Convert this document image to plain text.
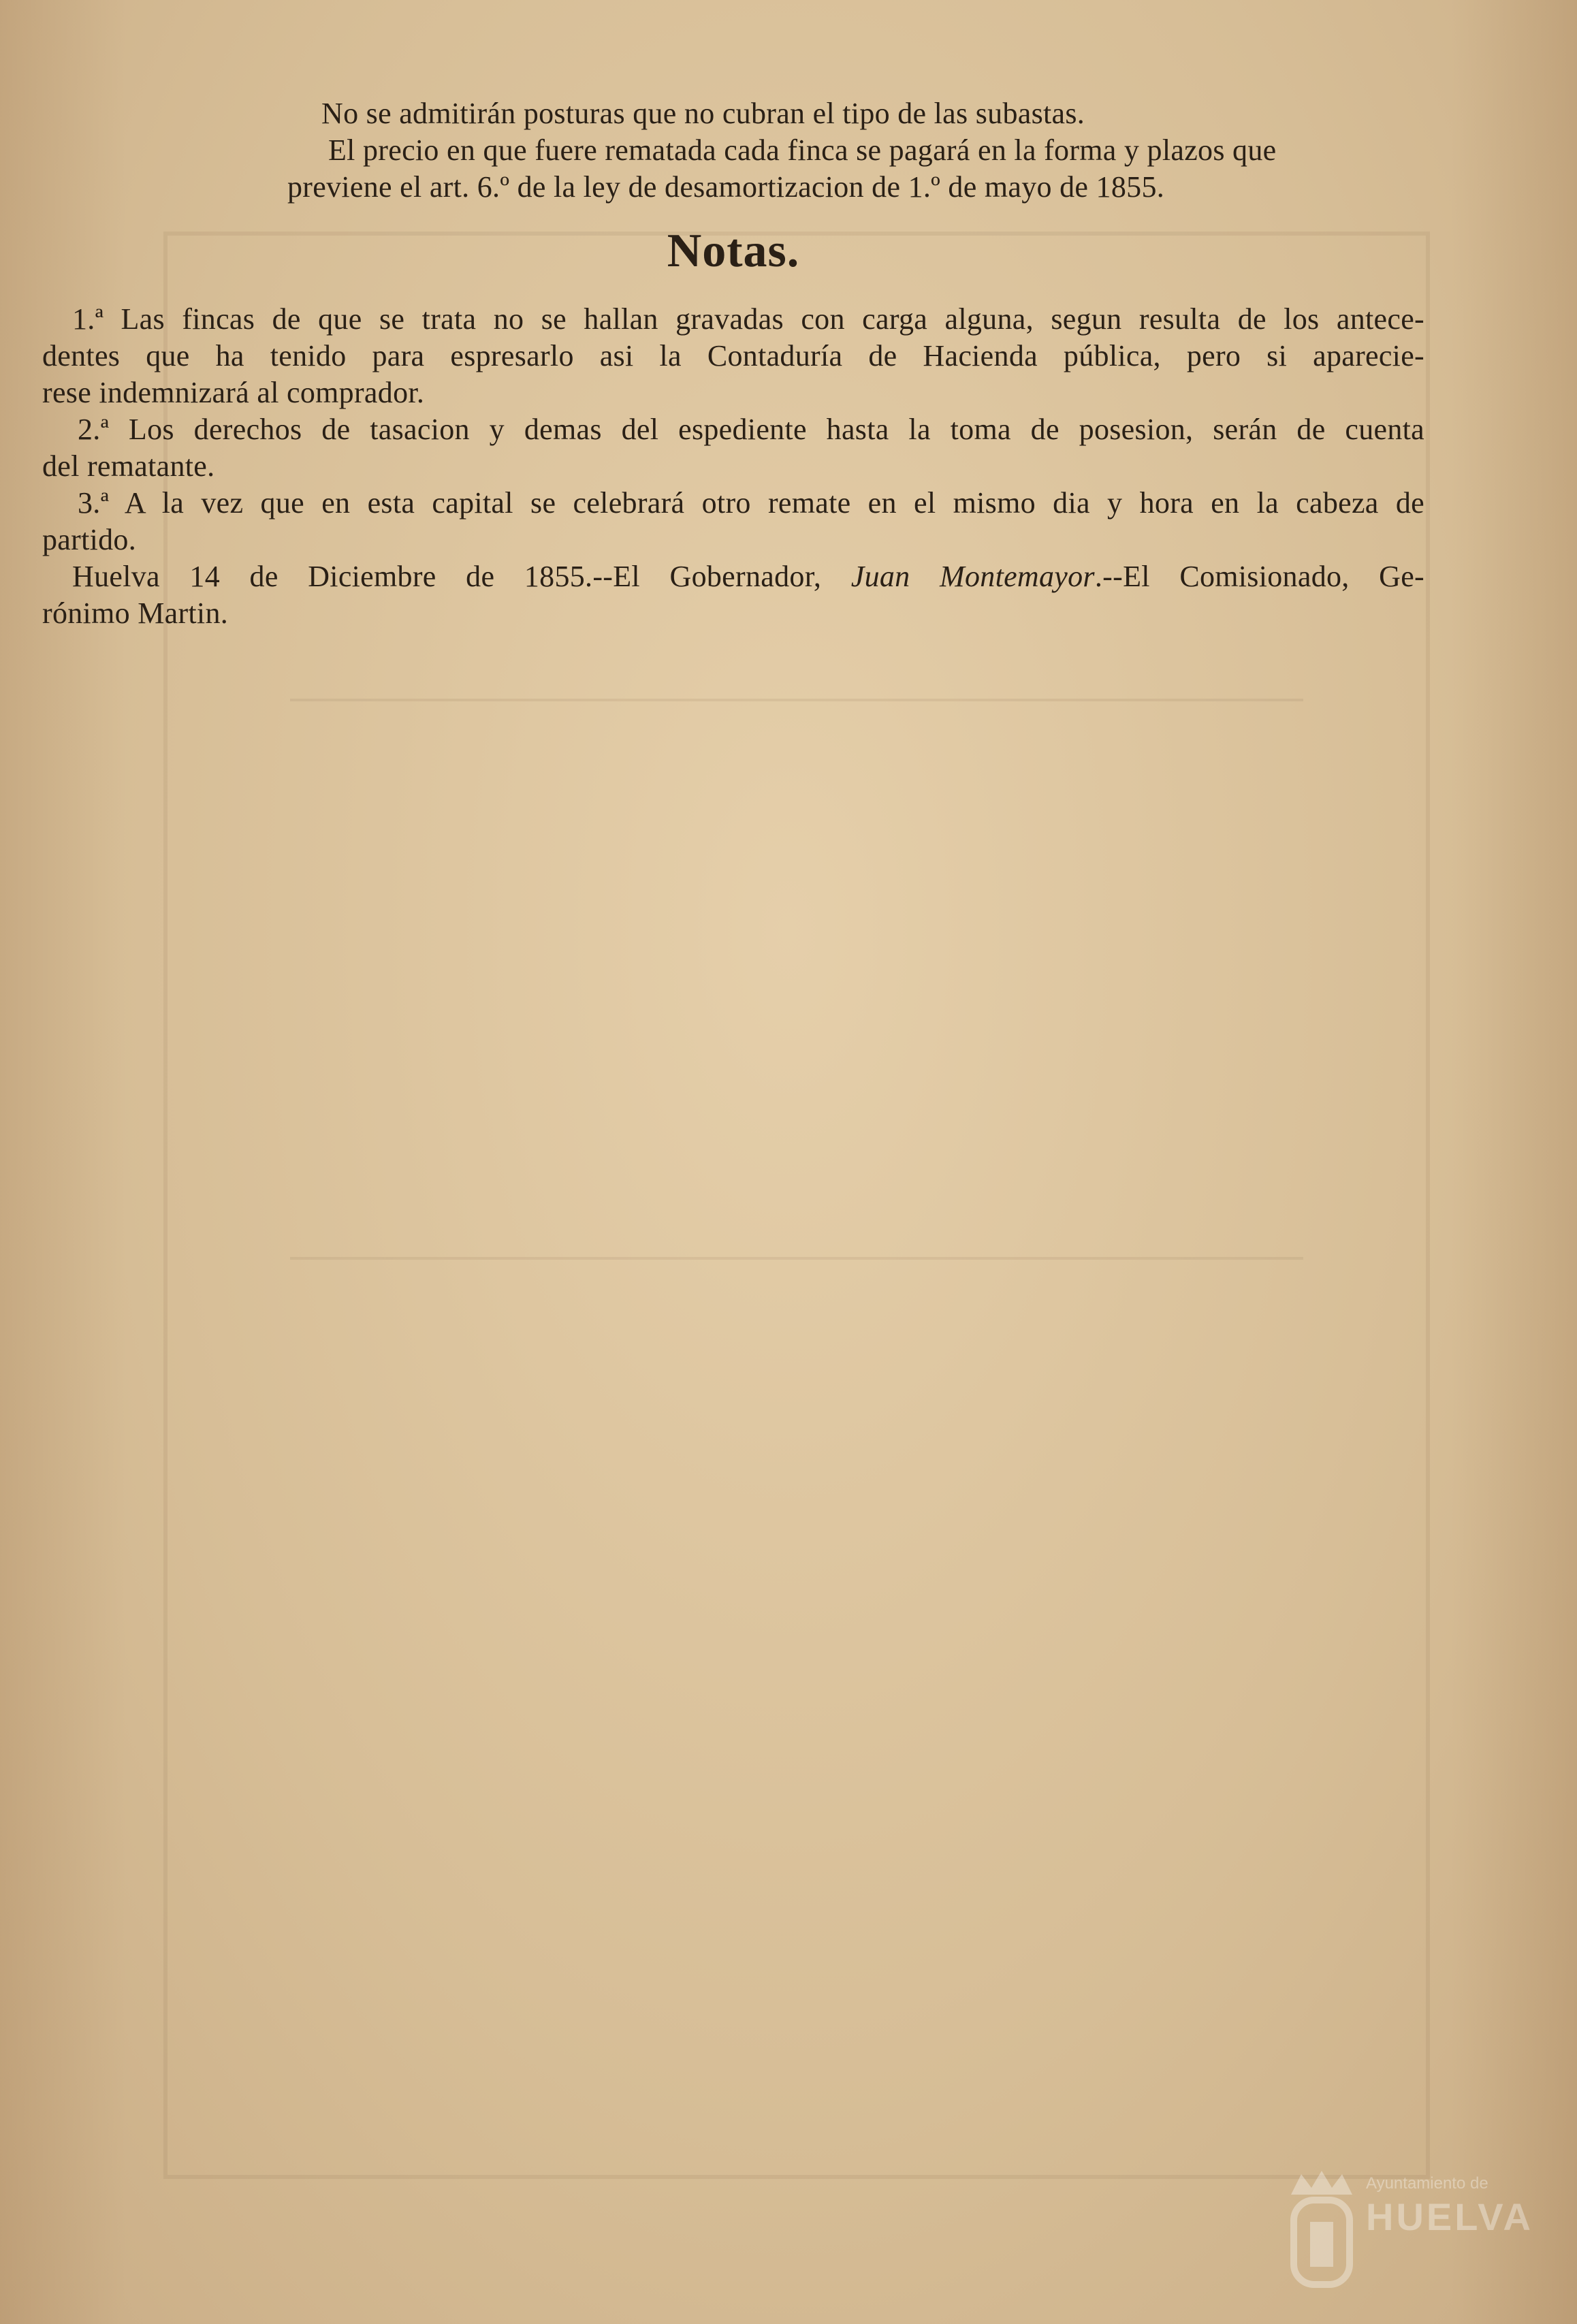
No se admitirán posturas que no cubran el tipo de las subastas.
El precio en que fuere rematada cada finca se pagará en la forma y plazos que
previene el art. 6.º de la ley de desamortizacion de 1.º de mayo de 1855.
Notas.
1.ª Las fincas de que se trata no se hallan gravadas con carga alguna, segun resulta de los antece-
dentes que ha tenido para espresarlo asi la Contaduría de Hacienda pública, pero si aparecie-
rese indemnizará al comprador.
2.ª Los derechos de tasacion y demas del espediente hasta la toma de posesion, serán de cuenta
del rematante.
3.ª A la vez que en esta capital se celebrará otro remate en el mismo dia y hora en la cabeza de
partido.
Huelva 14 de Diciembre de 1855.--El Gobernador, Juan Montemayor.--El Comisionado, Ge-
rónimo Martin.
Ayuntamiento de
HUELVA
